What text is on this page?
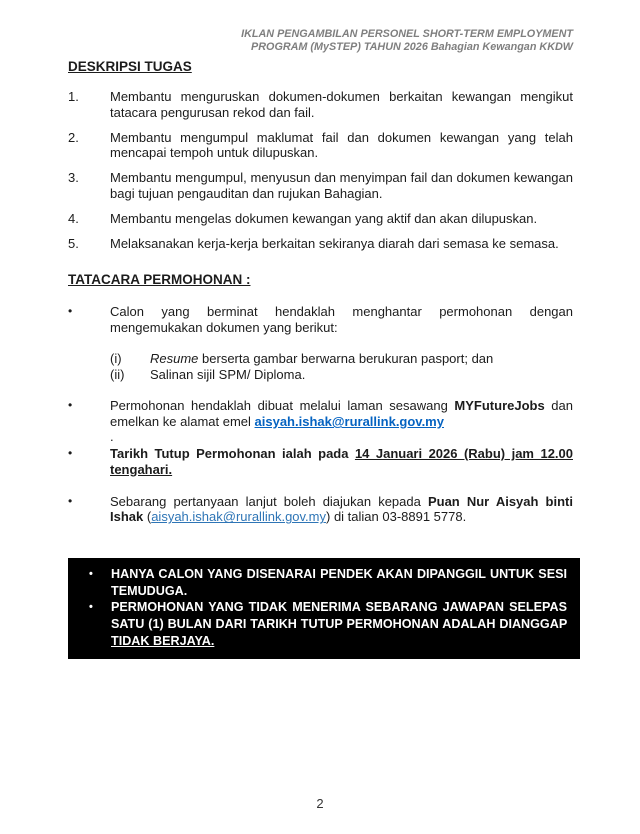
IKLAN PENGAMBILAN PERSONEL SHORT-TERM EMPLOYMENT
PROGRAM (MySTEP) TAHUN 2026 Bahagian Kewangan KKDW
DESKRIPSI TUGAS
1.	Membantu menguruskan dokumen-dokumen berkaitan kewangan mengikut tatacara pengurusan rekod dan fail.
2.	Membantu mengumpul maklumat fail dan dokumen kewangan yang telah mencapai tempoh untuk dilupuskan.
3.	Membantu mengumpul, menyusun dan menyimpan fail dan dokumen kewangan bagi tujuan pengauditan dan rujukan Bahagian.
4.	Membantu mengelas dokumen kewangan yang aktif dan akan dilupuskan.
5.	Melaksanakan kerja-kerja berkaitan sekiranya diarah dari semasa ke semasa.
TATACARA PERMOHONAN :
•	Calon yang berminat hendaklah menghantar permohonan dengan mengemukakan dokumen yang berikut:
(i)	Resume berserta gambar berwarna berukuran pasport; dan
(ii)	Salinan sijil SPM/ Diploma.
•	Permohonan hendaklah dibuat melalui laman sesawang MYFutureJobs dan emelkan ke alamat emel aisyah.ishak@rurallink.gov.my
.
•	Tarikh Tutup Permohonan ialah pada 14 Januari 2026 (Rabu) jam 12.00 tengahari.
•	Sebarang pertanyaan lanjut boleh diajukan kepada Puan Nur Aisyah binti Ishak (aisyah.ishak@rurallink.gov.my) di talian 03-8891 5778.
•	HANYA CALON YANG DISENARAI PENDEK AKAN DIPANGGIL UNTUK SESI TEMUDUGA.
•	PERMOHONAN YANG TIDAK MENERIMA SEBARANG JAWAPAN SELEPAS SATU (1) BULAN DARI TARIKH TUTUP PERMOHONAN ADALAH DIANGGAP TIDAK BERJAYA.
2
